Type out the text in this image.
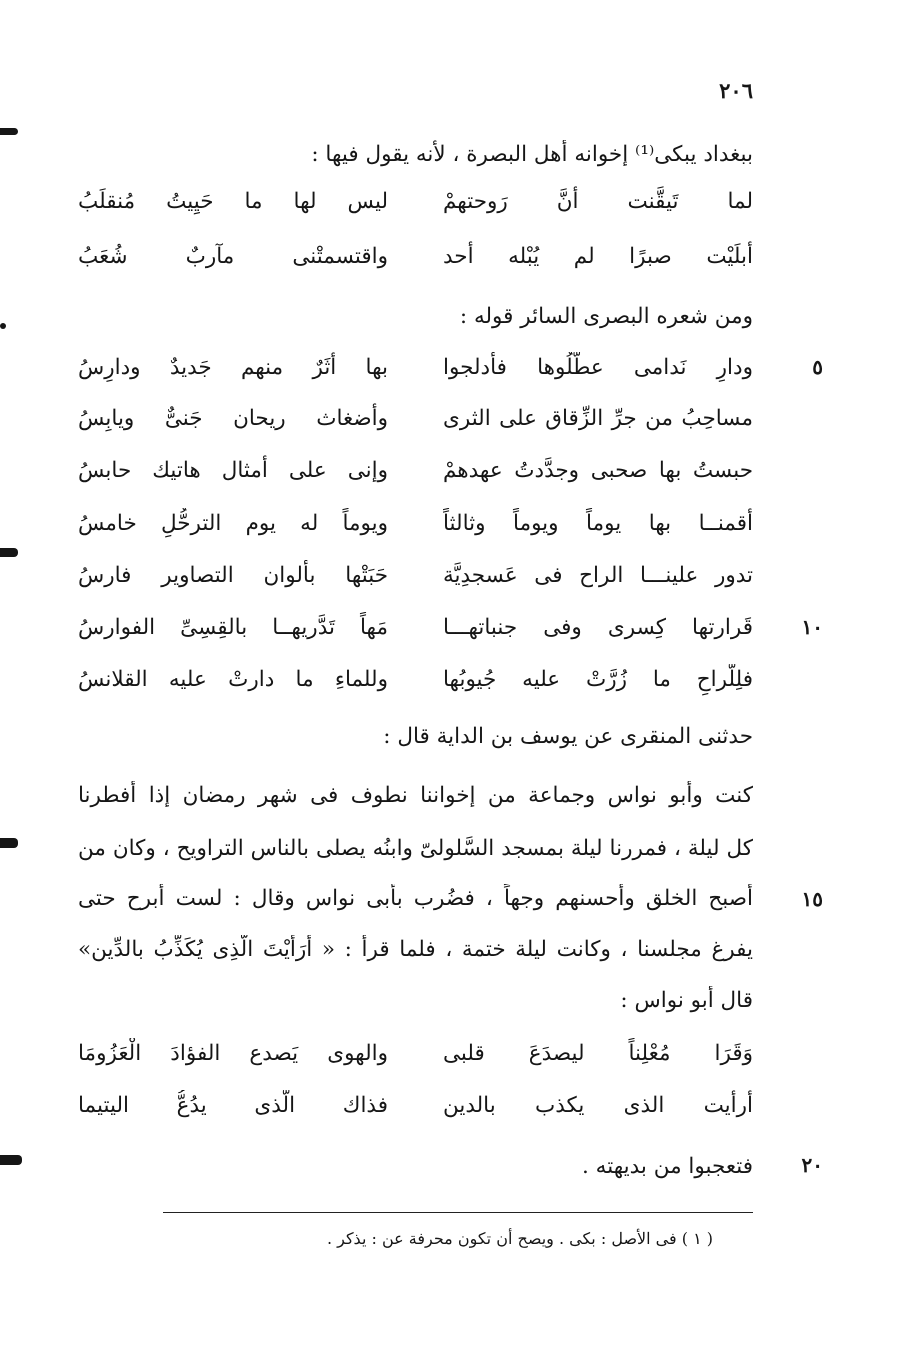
٢٠٦
ببغداد يبكى⁽¹⁾ إخوانه أهل البصرة ، لأنه يقول فيها :
لما تَيقَّنت أنَّ رَوحتهمْ
ليس لها ما حَيِيتُ مُنقلَبُ
أَبلَيْت صبرًا لم يُبْله أحد
واقتسمتْنى مآربٌ شُعَبُ
ومن شعره البصرى السائر قوله :
٥
ودارِ نَدامى عطَّلُوها فأَدلجوا
بها أَثَرٌ منهم جَديدٌ ودارِسُ
مساحِبُ من جرِّ الزِّقاق على الثرى
وأضغاث ريحان جَنىٌّ ويابِسُ
حبستُ بها صحبى وجدَّدتُ عهدهمْ
وإنى على أمثال هاتيك حابسُ
أقمنــا بها يوماً ويوماً وثالثاً
ويوماً له يوم الترحُّلِ خامسُ
تدور علينـــا الراح فى عَسجدِيَّة
حَبَتْها بأَلوان التصاوير فارسُ
١٠
قَرارتها كِسرى وفى جنباتهـــا
مَهاً تَدَّريهــا بالقِسِىِّ الفوارسُ
فلِلَّراحِ ما زُرَّتْ عليه جُيوبُها
وللماءِ ما دارتْ عليه القلانسُ
حدثنى المنقرى عن يوسف بن الداية قال :
كنت وأبو نواس وجماعة من إخواننا نطوف فى شهر رمضان إذا أفطرنا
كل ليلة ، فمررنا ليلة بمسجد السَّلولىّ وابنُه يصلى بالناس التراويح ، وكان من
١٥
أصبح الخلق وأحسنهم وجهاً ، فضُرب بأَبى نواس وقال : لست أَبرح حتى
يفرغ مجلسنا ، وكانت ليلة ختمة ، فلما قرأ : « أَرَأَيْتَ الَّذِى يُكَذِّبُ بالدِّين»
قال أَبو نواس :
وَقَرَا مُعْلِناً ليصدَعَ قلبى
والهوى يَصدع الفؤادَ الْعَزُومَا
أَرأَيت الذى يكذب بالدين
فذاك الَّذى يدُعُّ اليتيما
٢٠
فتعجبوا من بديهته .
( ١ ) فى الأصل : بكى . ويصح أن تكون محرفة عن : يذكر .
